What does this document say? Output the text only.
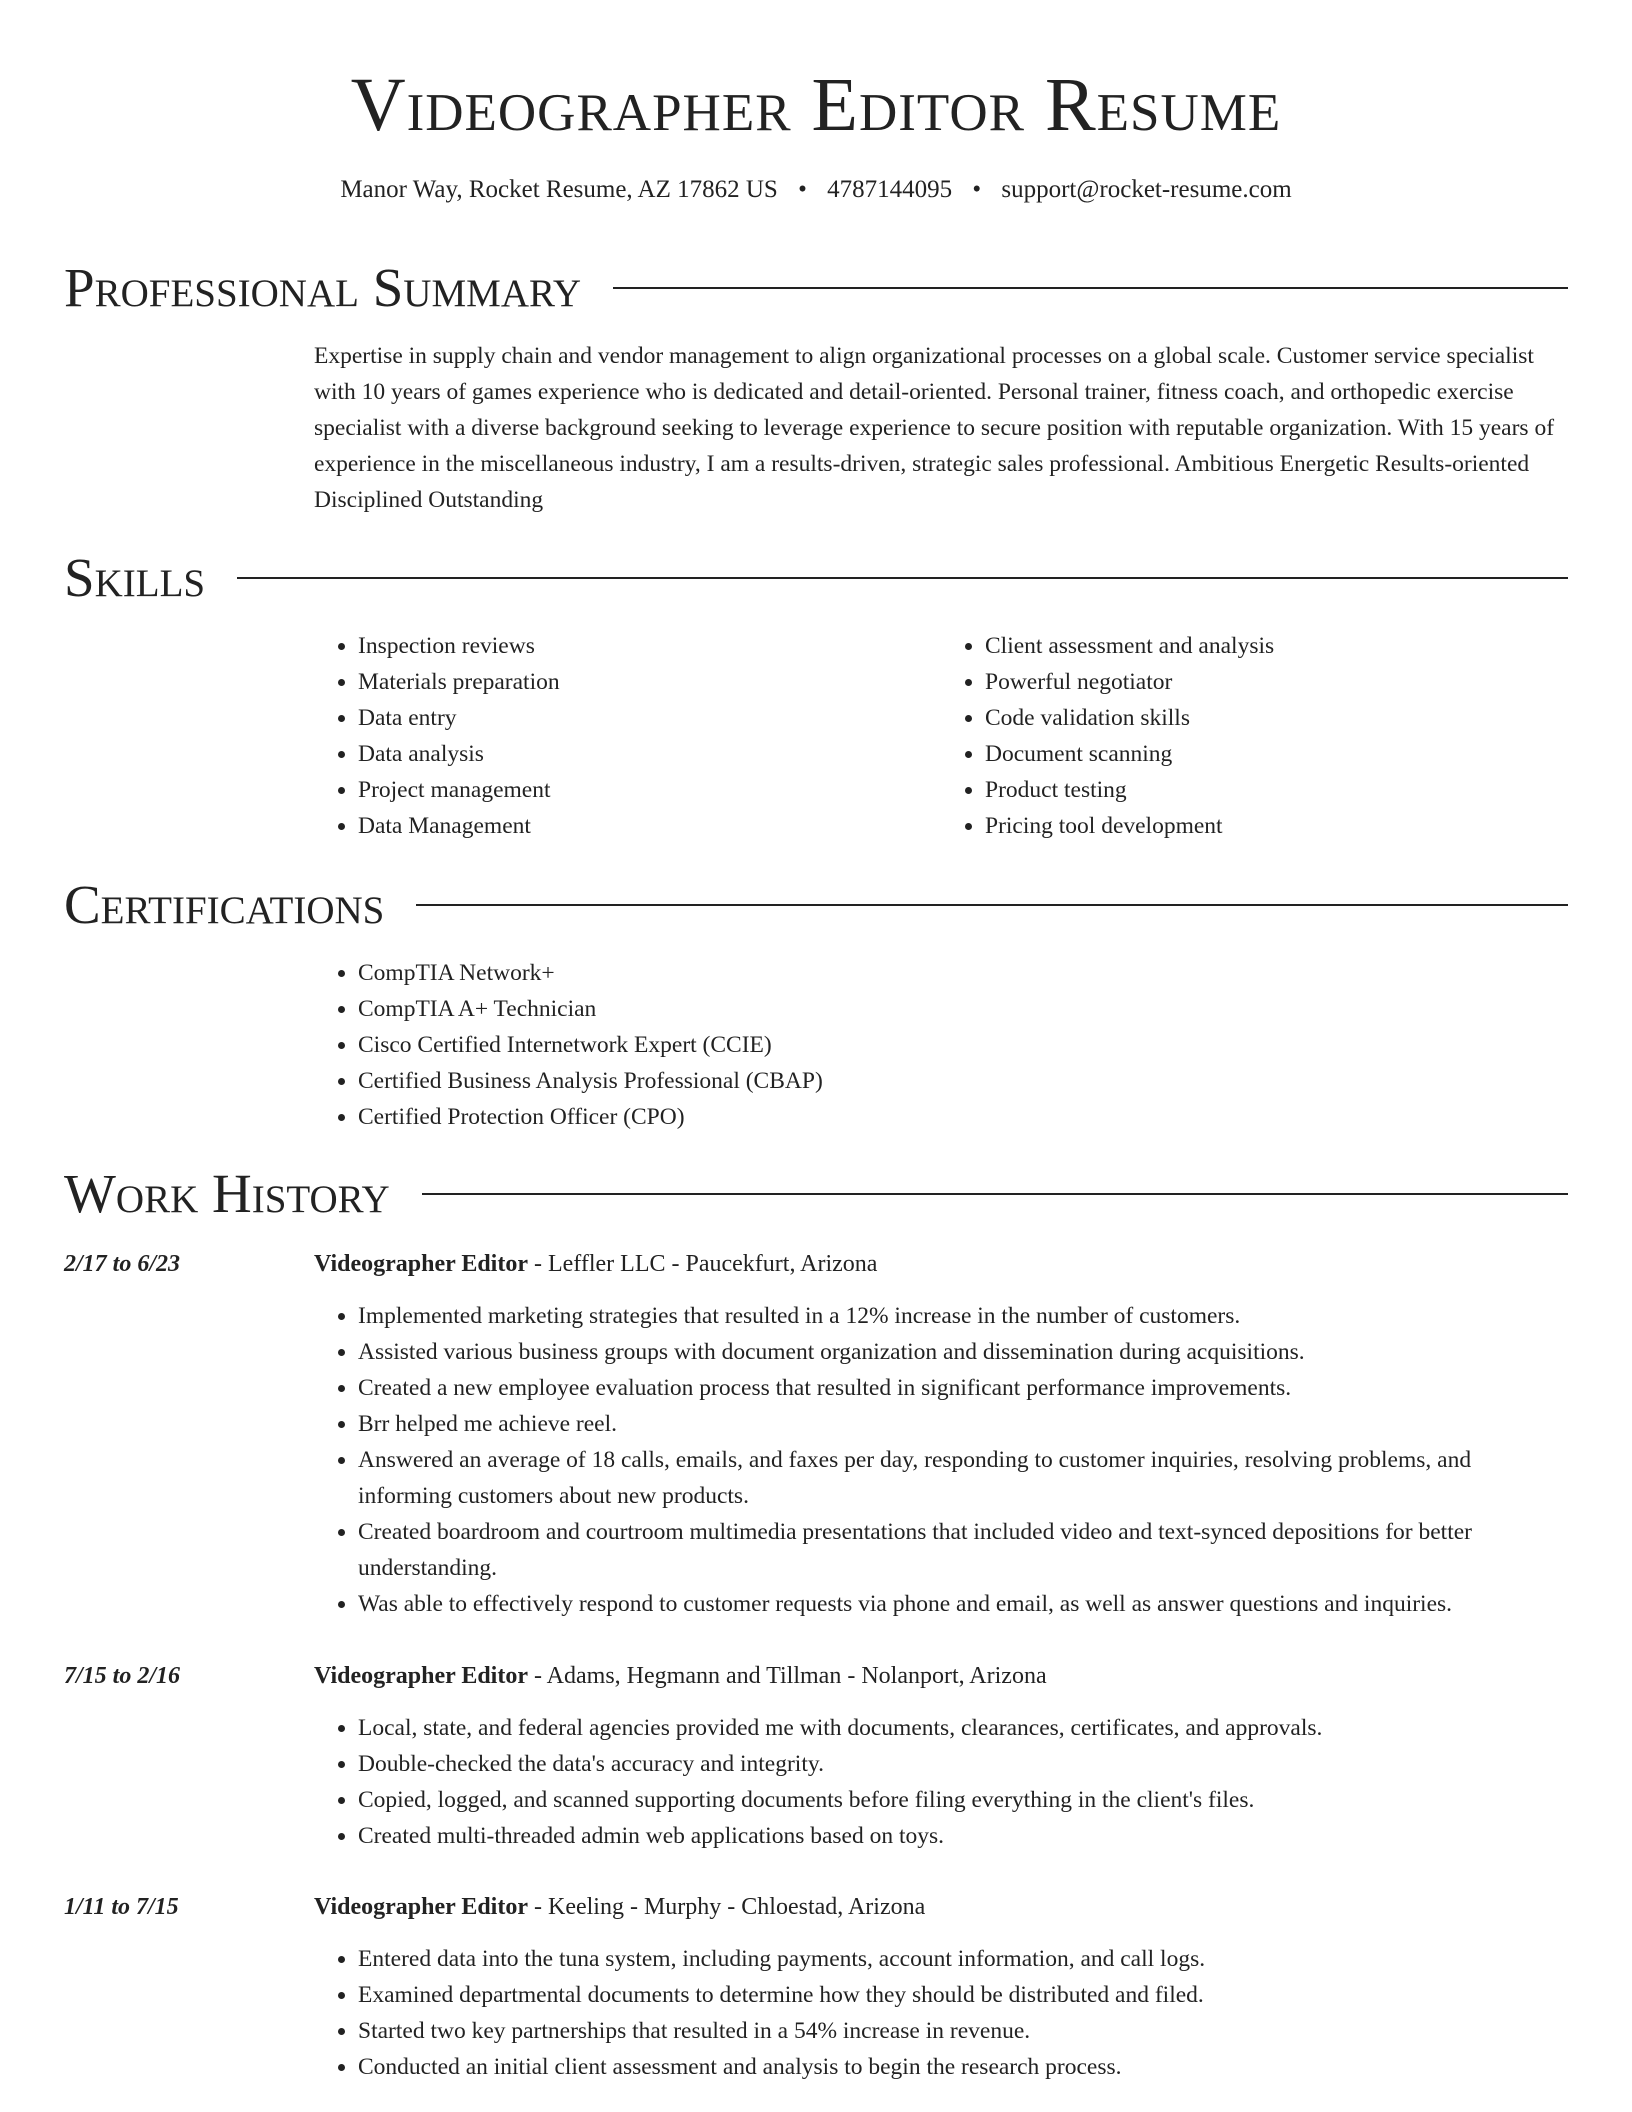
Videographer Editor Resume
Manor Way, Rocket Resume, AZ 17862 US • 4787144095 • support@rocket-resume.com
Professional Summary

Expertise in supply chain and vendor management to align organizational processes on a global scale. Customer service specialist with 10 years of games experience who is dedicated and detail-oriented. Personal trainer, fitness coach, and orthopedic exercise specialist with a diverse background seeking to leverage experience to secure position with reputable organization. With 15 years of experience in the miscellaneous industry, I am a results-driven, strategic sales professional. Ambitious Energetic Results-oriented Disciplined Outstanding

Skills
• Inspection reviews
• Materials preparation
• Data entry
• Data analysis
• Project management
• Data Management
• Client assessment and analysis
• Powerful negotiator
• Code validation skills
• Document scanning
• Product testing
• Pricing tool development
Certifications
• CompTIA Network+
• CompTIA A+ Technician
• Cisco Certified Internetwork Expert (CCIE)
• Certified Business Analysis Professional (CBAP)
• Certified Protection Officer (CPO)
Work History
2/17 to 6/23	Videographer Editor - Leffler LLC - Paucekfurt, Arizona
• Implemented marketing strategies that resulted in a 12% increase in the number of customers.
• Assisted various business groups with document organization and dissemination during acquisitions.
• Created a new employee evaluation process that resulted in significant performance improvements.
• Brr helped me achieve reel.
• Answered an average of 18 calls, emails, and faxes per day, responding to customer inquiries, resolving problems, and informing customers about new products.
• Created boardroom and courtroom multimedia presentations that included video and text-synced depositions for better understanding.
• Was able to effectively respond to customer requests via phone and email, as well as answer questions and inquiries.
7/15 to 2/16	Videographer Editor - Adams, Hegmann and Tillman - Nolanport, Arizona
• Local, state, and federal agencies provided me with documents, clearances, certificates, and approvals.
• Double-checked the data's accuracy and integrity.
• Copied, logged, and scanned supporting documents before filing everything in the client's files.
• Created multi-threaded admin web applications based on toys.
1/11 to 7/15	Videographer Editor - Keeling - Murphy - Chloestad, Arizona
• Entered data into the tuna system, including payments, account information, and call logs.
• Examined departmental documents to determine how they should be distributed and filed.
• Started two key partnerships that resulted in a 54% increase in revenue.
• Conducted an initial client assessment and analysis to begin the research process.
